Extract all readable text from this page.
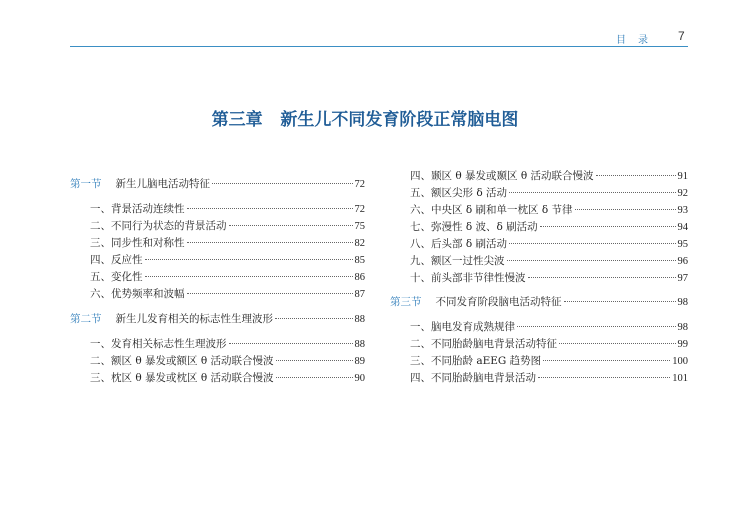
目录 7
第三章   新生儿不同发育阶段正常脑电图
第一节 新生儿脑电活动特征	72
一、背景活动连续性	72
二、不同行为状态的背景活动	75
三、同步性和对称性	82
四、反应性	85
五、变化性	86
六、优势频率和波幅	87
第二节 新生儿发育相关的标志性生理波形	88
一、发育相关标志性生理波形	88
二、额区 θ 暴发或额区 θ 活动联合慢波	89
三、枕区 θ 暴发或枕区 θ 活动联合慢波	90
四、颞区 θ 暴发或颞区 θ 活动联合慢波	91
五、额区尖形 δ 活动	92
六、中央区 δ 刷和单一枕区 δ 节律	93
七、弥漫性 δ 波、δ 刷活动	94
八、后头部 δ 刷活动	95
九、额区一过性尖波	96
十、前头部非节律性慢波	97
第三节 不同发育阶段脑电活动特征	98
一、脑电发育成熟规律	98
二、不同胎龄脑电背景活动特征	99
三、不同胎龄 aEEG 趋势图	100
四、不同胎龄脑电背景活动	101
